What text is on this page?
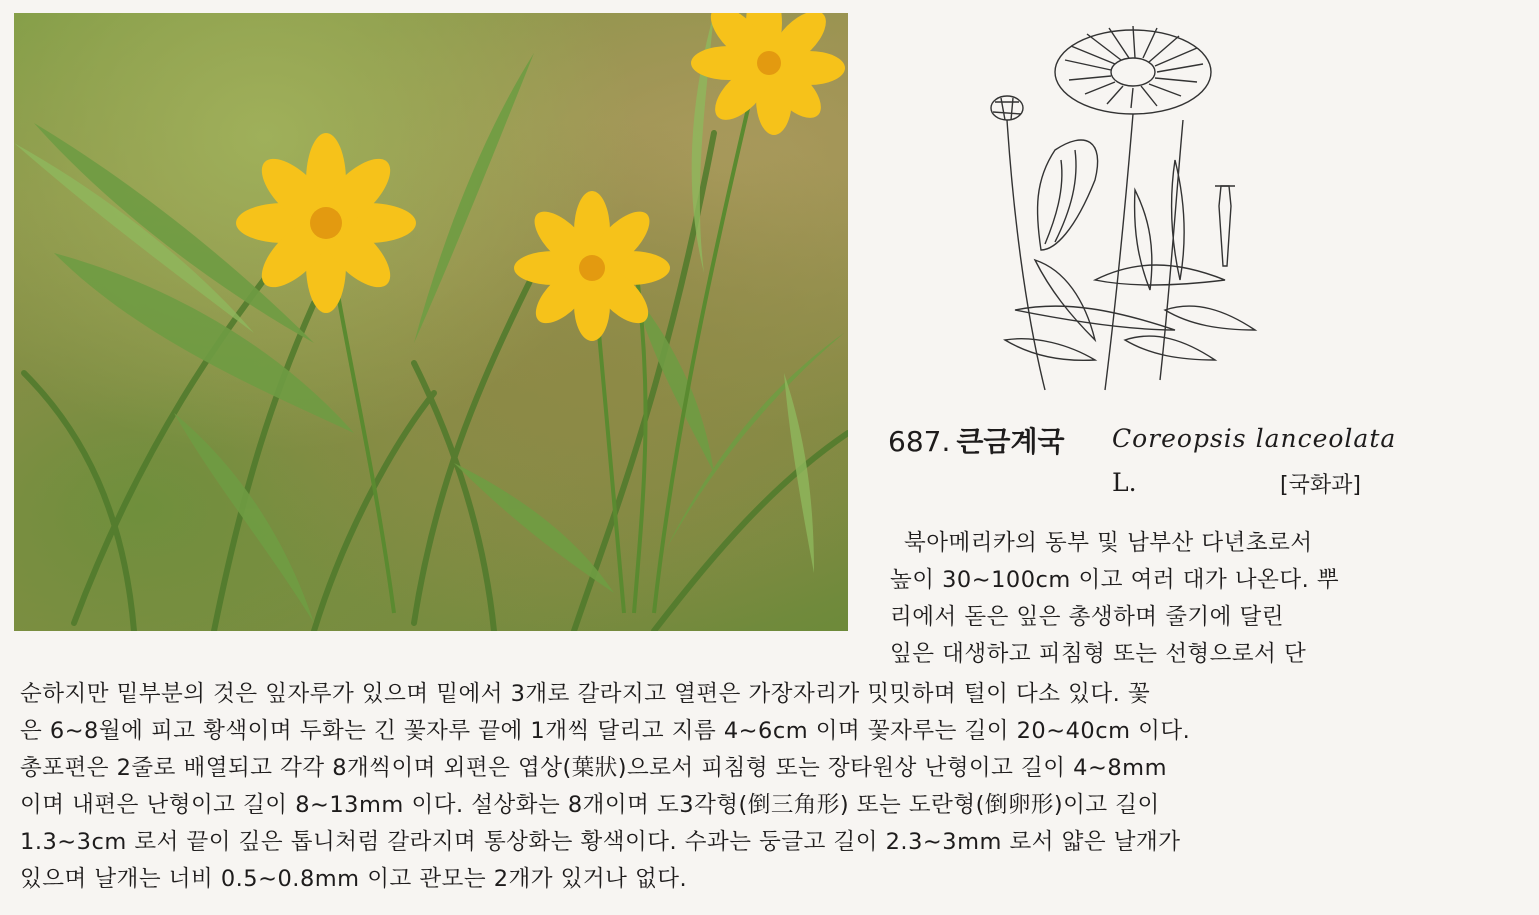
687. 큰금계국 Coreopsis lanceolata
L.	[국화과]
북아메리카의 동부 및 남부산 다년초로서
높이 30∼100cm 이고 여러 대가 나온다. 뿌
리에서 돋은 잎은 총생하며 줄기에 달린
잎은 대생하고 피침형 또는 선형으로서 단
순하지만 밑부분의 것은 잎자루가 있으며 밑에서 3개로 갈라지고 열편은 가장자리가 밋밋하며 털이 다소 있다. 꽃
은 6∼8월에 피고 황색이며 두화는 긴 꽃자루 끝에 1개씩 달리고 지름 4∼6cm 이며 꽃자루는 길이 20∼40cm 이다.
총포편은 2줄로 배열되고 각각 8개씩이며 외편은 엽상(葉狀)으로서 피침형 또는 장타원상 난형이고 길이 4∼8mm
이며 내편은 난형이고 길이 8∼13mm 이다. 설상화는 8개이며 도3각형(倒三角形) 또는 도란형(倒卵形)이고 길이
1.3∼3cm 로서 끝이 깊은 톱니처럼 갈라지며 통상화는 황색이다. 수과는 둥글고 길이 2.3∼3mm 로서 얇은 날개가
있으며 날개는 너비 0.5∼0.8mm 이고 관모는 2개가 있거나 없다.
